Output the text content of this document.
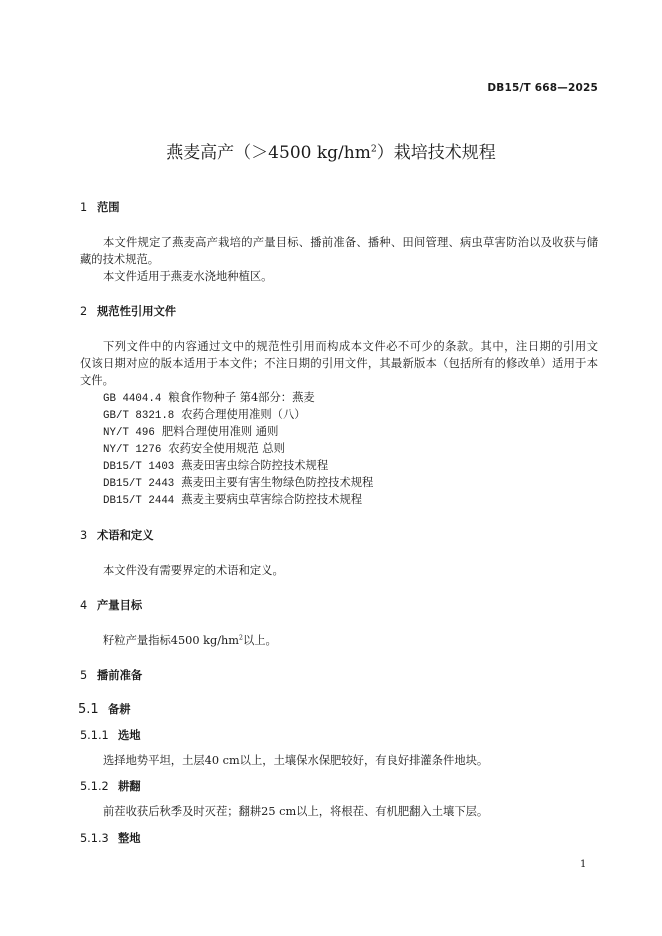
DB15/T 668—2025
燕麦高产（＞4500 $kg/hm^2$）栽培技术规程
1 范围
本文件规定了燕麦高产栽培的产量目标、播前准备、播种、田间管理、病虫草害防治以及收获与储
藏的技术规范。
本文件适用于燕麦水浇地种植区。
2 规范性引用文件
下列文件中的内容通过文中的规范性引用而构成本文件必不可少的条款。其中，注日期的引用文
仅该日期对应的版本适用于本文件；不注日期的引用文件，其最新版本（包括所有的修改单）适用于本
文件。
GB 4404.4 粮食作物种子 第4部分：燕麦
GB/T 8321.8 农药合理使用准则（八）
NY/T 496 肥料合理使用准则 通则
NY/T 1276 农药安全使用规范 总则
DB15/T 1403 燕麦田害虫综合防控技术规程
DB15/T 2443 燕麦田主要有害生物绿色防控技术规程
DB15/T 2444 燕麦主要病虫草害综合防控技术规程
3 术语和定义
本文件没有需要界定的术语和定义。
4 产量目标
籽粒产量指标4500 $kg/hm^2$以上。
5 播前准备
5.1 备耕
5.1.1 选地
选择地势平坦，土层40 cm以上，土壤保水保肥较好，有良好排灌条件地块。
5.1.2 耕翻
前茬收获后秋季及时灭茬；翻耕25 cm以上，将根茬、有机肥翻入土壤下层。
5.1.3 整地
1
